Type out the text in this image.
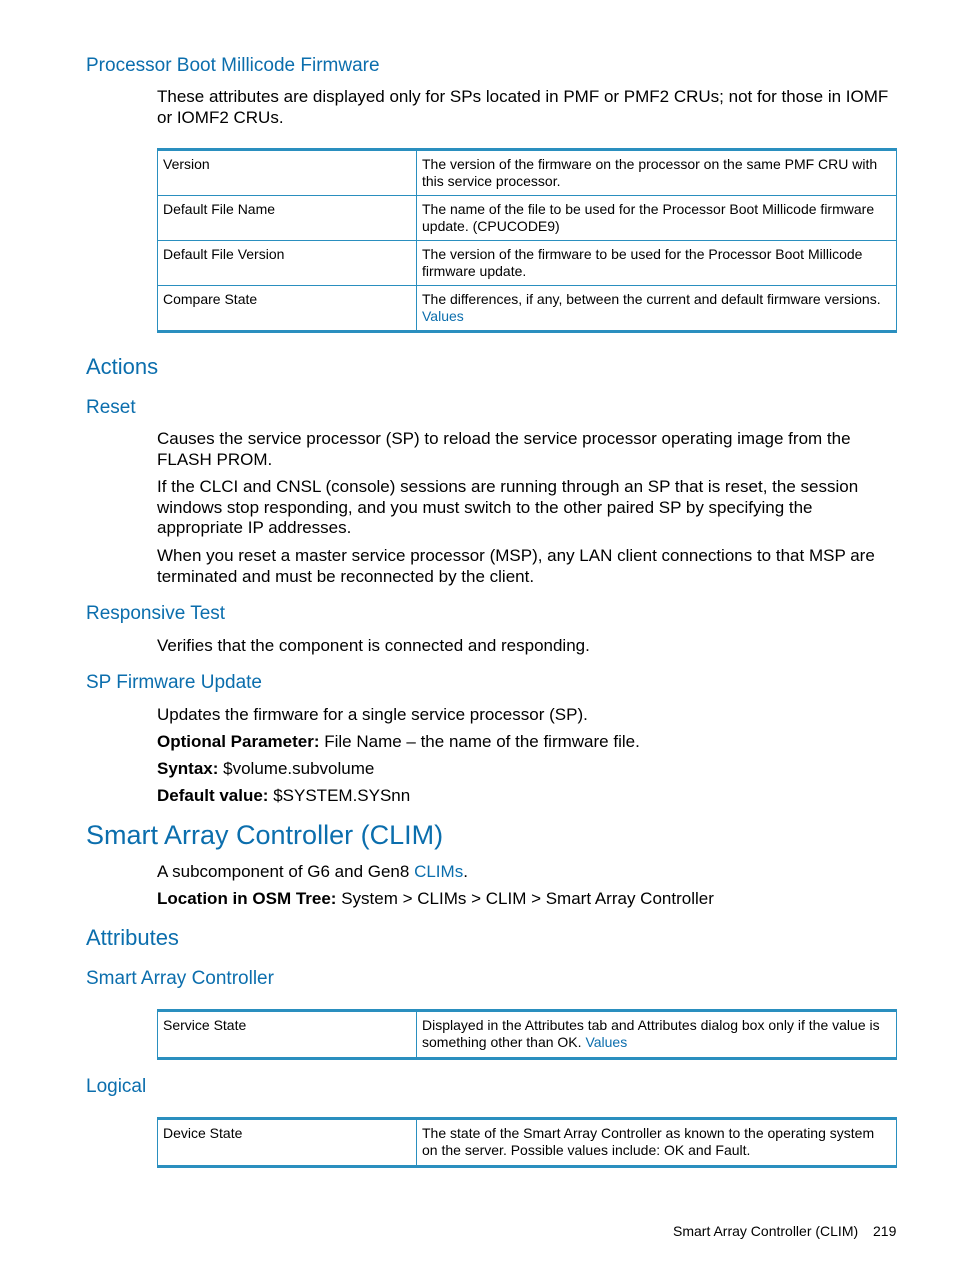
Processor Boot Millicode Firmware
These attributes are displayed only for SPs located in PMF or PMF2 CRUs; not for those in IOMF or IOMF2 CRUs.
Version	The version of the firmware on the processor on the same PMF CRU with this service processor.
Default File Name	The name of the file to be used for the Processor Boot Millicode firmware update. (CPUCODE9)
Default File Version	The version of the firmware to be used for the Processor Boot Millicode firmware update.
Compare State	The differences, if any, between the current and default firmware versions.
Values
Actions
Reset
Causes the service processor (SP) to reload the service processor operating image from the FLASH PROM.
If the CLCI and CNSL (console) sessions are running through an SP that is reset, the session windows stop responding, and you must switch to the other paired SP by specifying the appropriate IP addresses.
When you reset a master service processor (MSP), any LAN client connections to that MSP are terminated and must be reconnected by the client.
Responsive Test
Verifies that the component is connected and responding.
SP Firmware Update
Updates the firmware for a single service processor (SP).
Optional Parameter: File Name – the name of the firmware file.
Syntax: $volume.subvolume
Default value: $SYSTEM.SYSnn
Smart Array Controller (CLIM)
A subcomponent of G6 and Gen8 CLIMs.
Location in OSM Tree: System > CLIMs > CLIM > Smart Array Controller
Attributes
Smart Array Controller
Service State	Displayed in the Attributes tab and Attributes dialog box only if the value is something other than OK. Values
Logical
Device State	The state of the Smart Array Controller as known to the operating system on the server. Possible values include: OK and Fault.
Smart Array Controller (CLIM) 219
